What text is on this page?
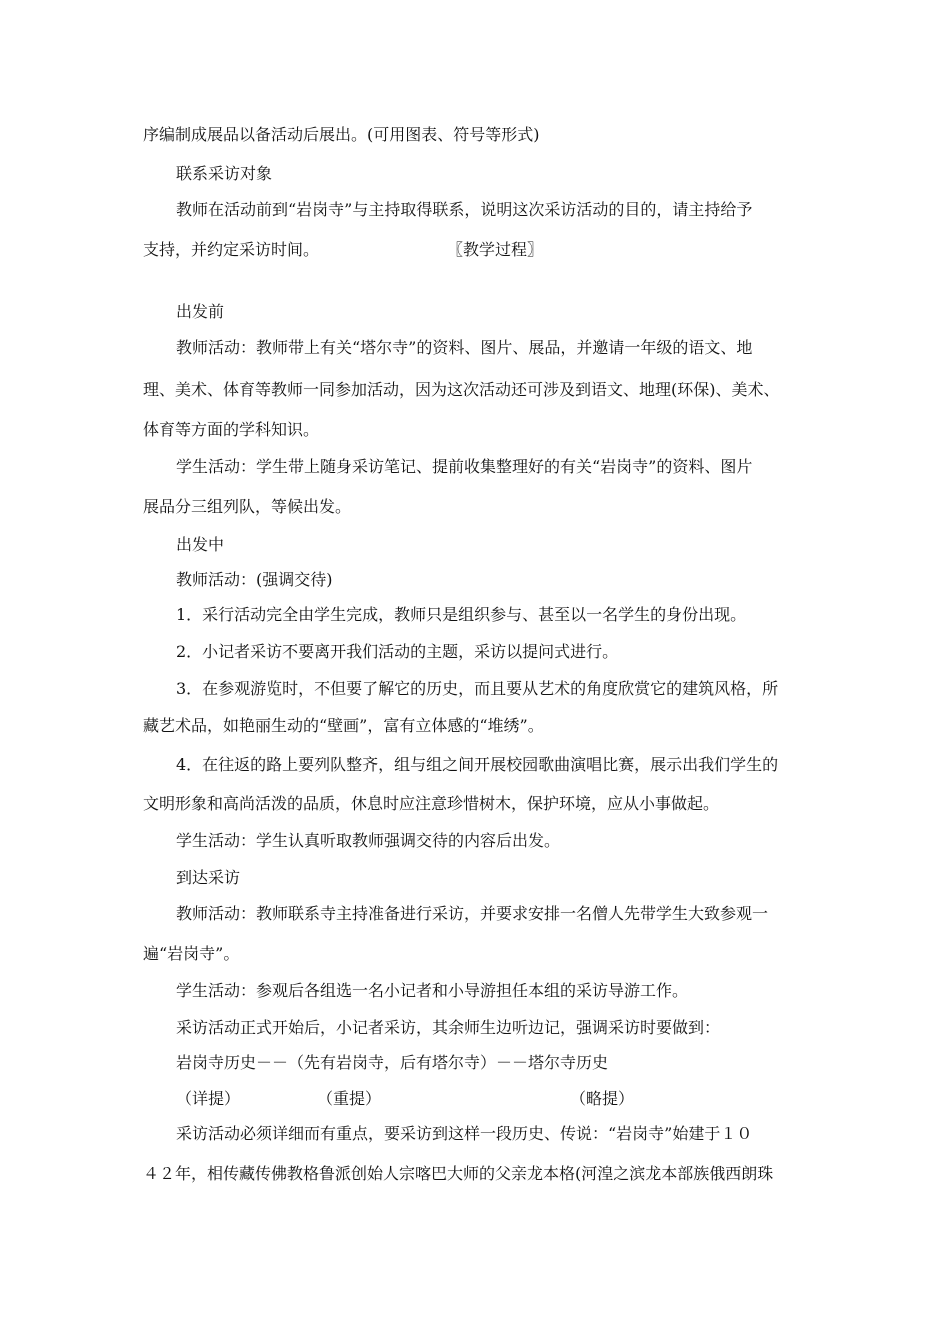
序编制成展品以备活动后展出。(可用图表、符号等形式)
联系采访对象
教师在活动前到“岩岗寺”与主持取得联系，说明这次采访活动的目的，请主持给予
支持，并约定采访时间。	〖教学过程〗
出发前
教师活动：教师带上有关“塔尔寺”的资料、图片、展品，并邀请一年级的语文、地
理、美术、体育等教师一同参加活动，因为这次活动还可涉及到语文、地理(环保)、美术、
体育等方面的学科知识。
学生活动：学生带上随身采访笔记、提前收集整理好的有关“岩岗寺”的资料、图片
展品分三组列队，等候出发。
出发中
教师活动：(强调交待)
1．采行活动完全由学生完成，教师只是组织参与、甚至以一名学生的身份出现。
2．小记者采访不要离开我们活动的主题，采访以提问式进行。
3．在参观游览时，不但要了解它的历史，而且要从艺术的角度欣赏它的建筑风格，所
藏艺术品，如艳丽生动的“壁画”，富有立体感的“堆绣”。
4．在往返的路上要列队整齐，组与组之间开展校园歌曲演唱比赛，展示出我们学生的
文明形象和高尚活泼的品质，休息时应注意珍惜树木，保护环境，应从小事做起。
学生活动：学生认真听取教师强调交待的内容后出发。
到达采访
教师活动：教师联系寺主持准备进行采访，并要求安排一名僧人先带学生大致参观一
遍“岩岗寺”。
学生活动：参观后各组选一名小记者和小导游担任本组的采访导游工作。
采访活动正式开始后，小记者采访，其余师生边听边记，强调采访时要做到：
岩岗寺历史－－（先有岩岗寺，后有塔尔寺）－－塔尔寺历史
（详提）	（重提）	（略提）
采访活动必须详细而有重点，要采访到这样一段历史、传说：“岩岗寺”始建于１０
４２年，相传藏传佛教格鲁派创始人宗喀巴大师的父亲龙本格(河湟之滨龙本部族俄西朗珠
